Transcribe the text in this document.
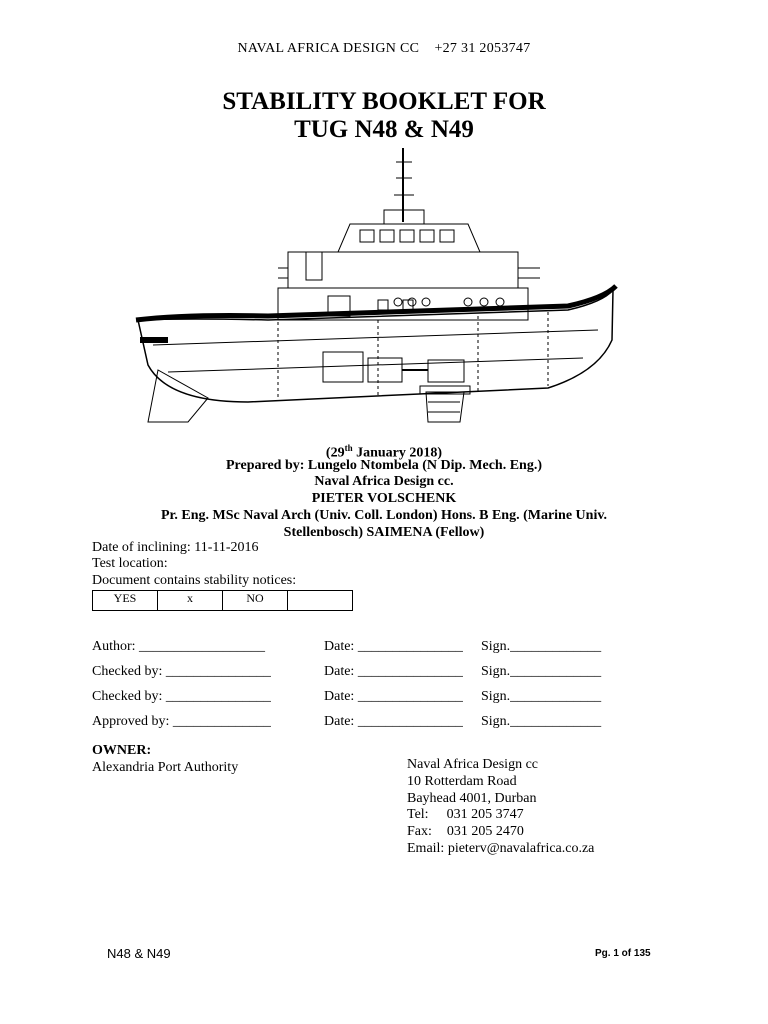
NAVAL AFRICA DESIGN CC +27 31 2053747
STABILITY BOOKLET FOR
TUG N48 & N49
(29th January 2018)
Prepared by: Lungelo Ntombela (N Dip. Mech. Eng.)
Naval Africa Design cc.
PIETER VOLSCHENK
Pr. Eng. MSc Naval Arch (Univ. Coll. London) Hons. B Eng. (Marine Univ.
Stellenbosch) SAIMENA (Fellow)
Date of inclining: 11-11-2016
Test location:
Document contains stability notices:
YES	x	NO	
Author: __________________	Date: _______________ Sign._____________
Checked by: _______________	Date: _______________ Sign._____________
Checked by: _______________	Date: _______________ Sign._____________
Approved by: ______________	Date: _______________ Sign._____________
OWNER:
Alexandria Port Authority	Naval Africa Design cc
10 Rotterdam Road
Bayhead 4001, Durban
Tel: 031 205 3747
Fax: 031 205 2470
Email: pieterv@navalafrica.co.za
N48 & N49	Pg. 1 of 135
